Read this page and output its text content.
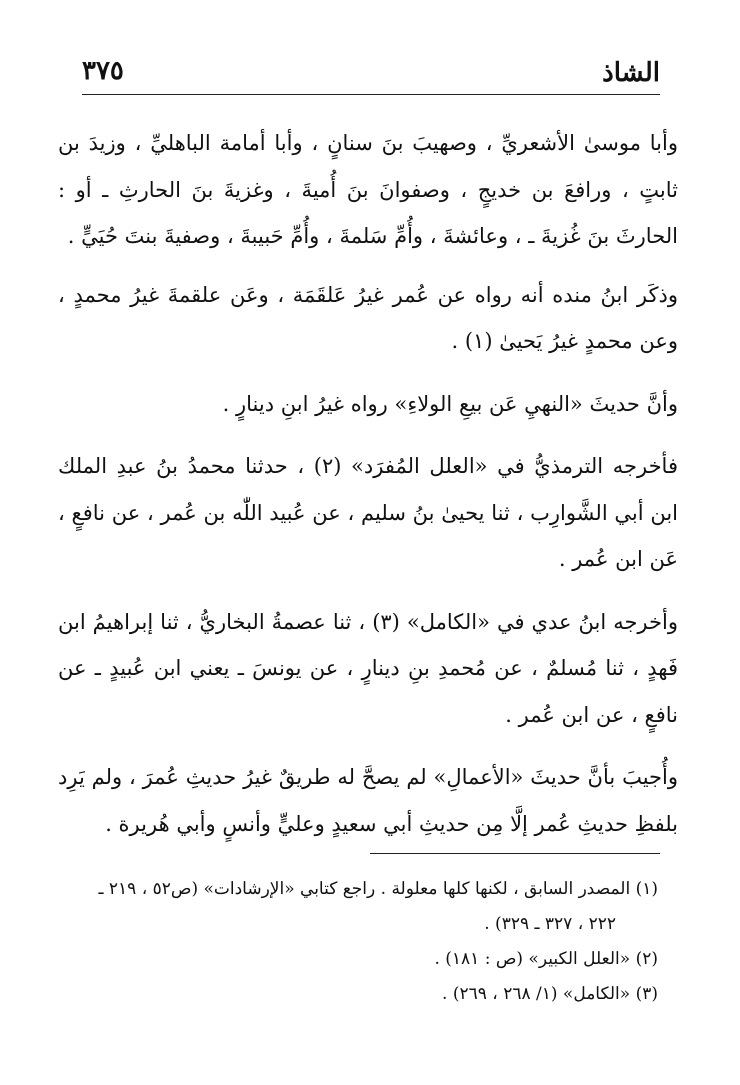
الشاذ
٣٧٥

وأبا موسىٰ الأشعريِّ ، وصهيبَ بنَ سنانٍ ، وأبا أمامة الباهليِّ ، وزيدَ بن ثابتٍ ، ورافعَ بن خديجٍ ، وصفوانَ بنَ أُميةَ ، وغزيةَ بنَ الحارثِ ـ أو : الحارثَ بنَ غُزيةَ ـ ، وعائشةَ ، وأُمِّ سَلمةَ ، وأُمِّ حَبيبةَ ، وصفيةَ بنتَ حُيَيٍّ .

وذكَر ابنُ منده أنه رواه عن عُمر غيرُ عَلقَمَة ، وعَن علقمةَ غيرُ محمدٍ ، وعن محمدٍ غيرُ يَحيىٰ (١) .

وأنَّ حديثَ «النهيِ عَن بيعِ الولاءِ» رواه غيرُ ابنِ دينارٍ .

فأخرجه الترمذيُّ في «العلل المُفرَد» (٢) ، حدثنا محمدُ بنُ عبدِ الملك ابن أبي الشَّوارِب ، ثنا يحيىٰ بنُ سليم ، عن عُبيد اللّٰه بن عُمر ، عن نافعٍ ، عَن ابن عُمر .

وأخرجه ابنُ عدي في «الكامل» (٣) ، ثنا عصمةُ البخاريُّ ، ثنا إبراهيمُ ابن فَهدٍ ، ثنا مُسلمٌ ، عن مُحمدِ بنِ دينارٍ ، عن يونسَ ـ يعني ابن عُبيدٍ ـ عن نافعٍ ، عن ابن عُمر .

وأُجيبَ بأنَّ حديثَ «الأعمالِ» لم يصحَّ له طريقٌ غيرُ حديثِ عُمرَ ، ولم يَرِد بلفظِ حديثِ عُمر إلَّا مِن حديثِ أبي سعيدٍ وعليٍّ وأنسٍ وأبي هُريرة .

(١) المصدر السابق ، لكنها كلها معلولة . راجع كتابي «الإرشادات» (ص٥٢ ، ٢١٩ ـ
٢٢٢ ، ٣٢٧ ـ ٣٢٩) .
(٢) «العلل الكبير» (ص : ١٨١) .
(٣) «الكامل» (١/ ٢٦٨ ، ٢٦٩) .
